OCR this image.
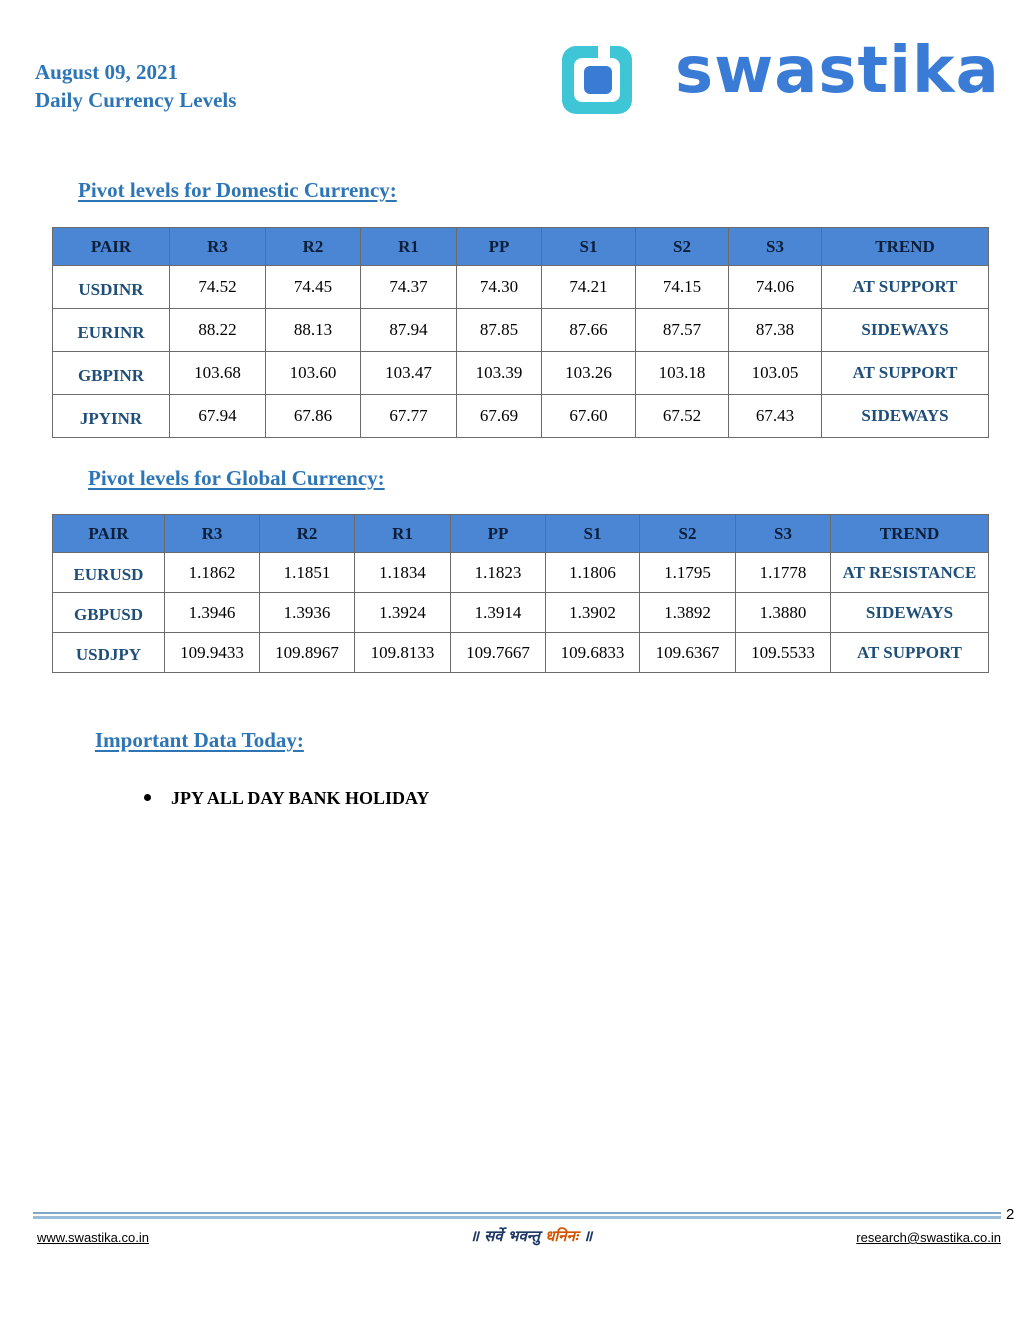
August 09, 2021
Daily Currency Levels	swastika
Pivot levels for Domestic Currency:
PAIR	R3	R2	R1	PP	S1	S2	S3	TREND
USDINR	74.52	74.45	74.37	74.30	74.21	74.15	74.06	AT SUPPORT
EURINR	88.22	88.13	87.94	87.85	87.66	87.57	87.38	SIDEWAYS
GBPINR	103.68	103.60	103.47	103.39	103.26	103.18	103.05	AT SUPPORT
JPYINR	67.94	67.86	67.77	67.69	67.60	67.52	67.43	SIDEWAYS
Pivot levels for Global Currency:
PAIR	R3	R2	R1	PP	S1	S2	S3	TREND
EURUSD	1.1862	1.1851	1.1834	1.1823	1.1806	1.1795	1.1778	AT RESISTANCE
GBPUSD	1.3946	1.3936	1.3924	1.3914	1.3902	1.3892	1.3880	SIDEWAYS
USDJPY	109.9433	109.8967	109.8133	109.7667	109.6833	109.6367	109.5533	AT SUPPORT
Important Data Today:
JPY ALL DAY BANK HOLIDAY
2
www.swastika.co.in	॥ सर्वे भवन्तु धनिनः ॥	research@swastika.co.in
